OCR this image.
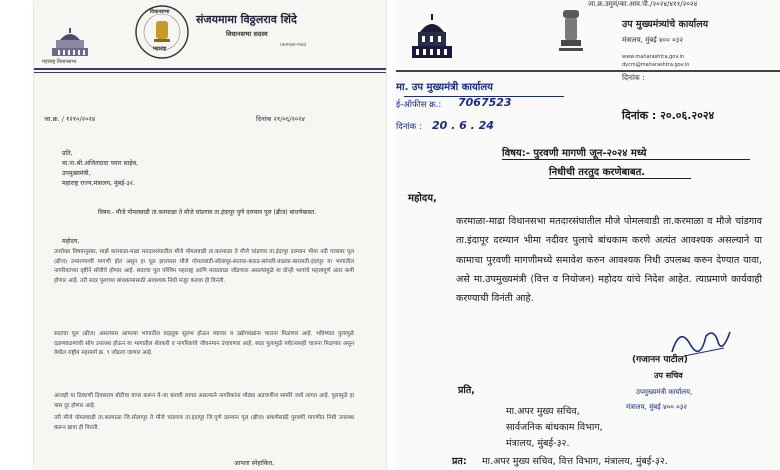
महाराष्ट्र विधानसभा
विधानसभा
महाराष्ट्र
संजयमामा विठ्ठलराव शिंदे
विधानसभा सदस्य
(करमाळा-माढा)
जा.क्र. / १२१०/२०२४	दिनांक २१/०६/२०२४
प्रति,
मा.ना.श्री.अजितदादा पवार साहेब,
उपमुख्यमंत्री,
महाराष्ट्र राज्य,मंत्रालय, मुंबई-३२.
विषय:- मौजे पोमलवाडी ता.करमाळा ते मौजे चांडगाव ता.इंदापूर पुणे दरम्यान पूल (ब्रीज) बांधणेबाबत.
महोदय,
उपरोक्त विषयानुसार, माझे करमाळा-माढा मतदारसंघातील मौजे पोमलवाडी ता.करमाळा ते मौजे चांडगाव ता.इंदापूर दरम्यान भीमा नदी पात्रावर पूल (ब्रीज) उभारण्याची मागणी होत असून हा पूल झाल्यास मौजे पोमलवाडी-सोलापूर-सातारा-कराड-सांगली-वाळवा-बारामती-इंदापूर या भागातील नागरिकांच्या दृष्टीने सोयीचे होणार आहे. सदरचा पूल पश्चिम महाराष्ट्र आणि मराठवाडा जोडणारा असल्यामुळे या दोन्ही भागांचे महत्त्वपूर्ण अंतर कमी होणार आहे. तरी सदर पुलाच्या बांधकामासाठी आवश्यक निधी मंजूर करावा ही विनंती.
सदरचा पूल (ब्रीज) असल्यास आपल्या भागातील वाहतूक सुलभ होऊन व्यापार व उद्योगधंद्यांना चालना मिळणार आहे. भविष्यात पुलामुळे दळणवळणाची सोय उपलब्ध होऊन या भागातील शेतकरी व नागरिकांचे जीवनमान उंचावणार आहे. सदर पुलामुळे पर्यटनासही चालना मिळणार असून येथील राष्ट्रीय महामार्ग क्र. ९ जोडला जाणार आहे.
आजही या ठिकाणी दिवसरात्र बोटीचा वापर करून ये-जा करावी लागत असल्याने नागरिकांना मोठ्या अडचणींना सामोरे जावे लागत आहे. पुलामुळे हा त्रास दूर होणार आहे.
तरी मौजे पोमलवाडी ता.करमाळा जि.सोलापूर ते मौजे चांडगाव ता.इंदापूर जि.पुणे दरम्यान पूल (ब्रीज) बांधणेसाठी पुरवणी मागणीत निधी उपलब्ध करून द्यावा ही विनंती.
आपला स्नेहांकित,
जा.क्र.उमुमं/का.आव.पी./२०२४/४११/२०२४
उप मुख्यमंत्र्यांचे कार्यालय
मंत्रालय, मुंबई ४०० ०३२
www.maharashtra.gov.in
dycm@maharashtra.gov.in
दिनांक :
मा. उप मुख्यमंत्री कार्यालय
ई-ऑफीस क्र.: 7067523
दिनांक : 20 . 6 . 24
दिनांक : २०.०६.२०२४
विषय:- पुरवणी मागणी जून-२०२४ मध्ये
निधीची तरतुद करणेबाबत.
महोदय,
करमाळा-माढा विधानसभा मतदारसंघातील मौजे पोमलवाडी ता.करमाळा व मौजे चांडगाव ता.इंदापूर दरम्यान भीमा नदीवर पुलाचे बांधकाम करणे अत्यंत आवश्यक असल्याने या कामाचा पुरवणी मागणीमध्ये समावेश करुन आवश्यक निधी उपलब्ध करुन देण्यात यावा, असे मा.उपमुख्यमंत्री (वित्त व नियोजन) महोदय यांचे निदेश आहेत. त्याप्रमाणे कार्यवाही करण्याची विनंती आहे.
(गजानन पाटील)
उप सचिव
उपमुख्यमंत्री कार्यालय,
मंत्रालय, मुंबई ४०० ०३२
प्रति,
मा.अपर मुख्य सचिव,
सार्वजनिक बांधकाम विभाग,
मंत्रालय, मुंबई-३२.
प्रत: मा.अपर मुख्य सचिव, वित्त विभाग, मंत्रालय, मुंबई-३२.
